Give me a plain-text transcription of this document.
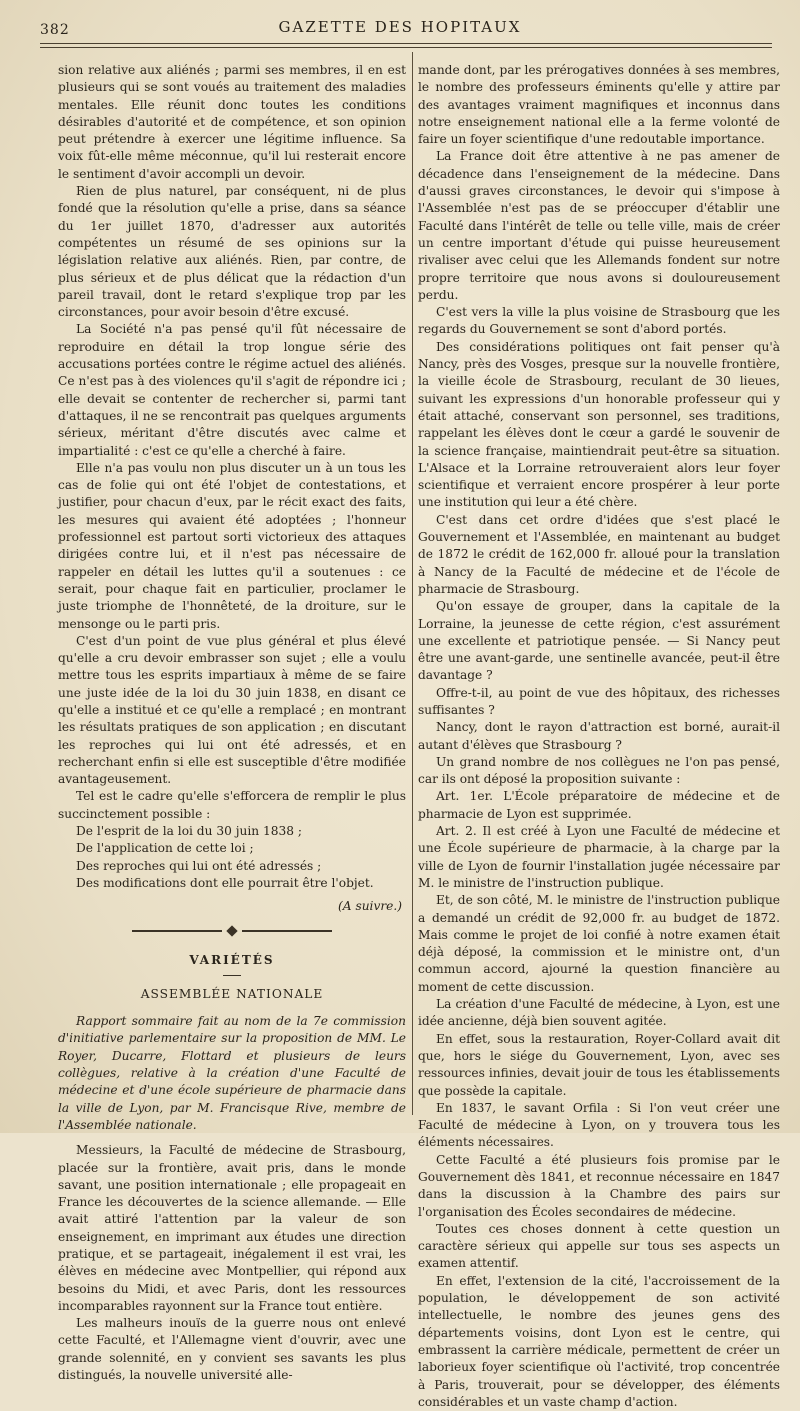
382	GAZETTE DES HOPITAUX

sion relative aux aliénés ; parmi ses membres, il en est plusieurs qui se sont voués au traitement des maladies mentales. Elle réunit donc toutes les conditions désirables d'autorité et de compétence, et son opinion peut prétendre à exercer une légitime influence. Sa voix fût-elle même méconnue, qu'il lui resterait encore le sentiment d'avoir accompli un devoir.

Rien de plus naturel, par conséquent, ni de plus fondé que la résolution qu'elle a prise, dans sa séance du 1er juillet 1870, d'adresser aux autorités compétentes un résumé de ses opinions sur la législation relative aux aliénés. Rien, par contre, de plus sérieux et de plus délicat que la rédaction d'un pareil travail, dont le retard s'explique trop par les circonstances, pour avoir besoin d'être excusé.

La Société n'a pas pensé qu'il fût nécessaire de reproduire en détail la trop longue série des accusations portées contre le régime actuel des aliénés. Ce n'est pas à des violences qu'il s'agit de répondre ici ; elle devait se contenter de rechercher si, parmi tant d'attaques, il ne se rencontrait pas quelques arguments sérieux, méritant d'être discutés avec calme et impartialité : c'est ce qu'elle a cherché à faire.

Elle n'a pas voulu non plus discuter un à un tous les cas de folie qui ont été l'objet de contestations, et justifier, pour chacun d'eux, par le récit exact des faits, les mesures qui avaient été adoptées ; l'honneur professionnel est partout sorti victorieux des attaques dirigées contre lui, et il n'est pas nécessaire de rappeler en détail les luttes qu'il a soutenues : ce serait, pour chaque fait en particulier, proclamer le juste triomphe de l'honnêteté, de la droiture, sur le mensonge ou le parti pris.

C'est d'un point de vue plus général et plus élevé qu'elle a cru devoir embrasser son sujet ; elle a voulu mettre tous les esprits impartiaux à même de se faire une juste idée de la loi du 30 juin 1838, en disant ce qu'elle a institué et ce qu'elle a remplacé ; en montrant les résultats pratiques de son application ; en discutant les reproches qui lui ont été adressés, et en recherchant enfin si elle est susceptible d'être modifiée avantageusement.

Tel est le cadre qu'elle s'efforcera de remplir le plus succinctement possible :

De l'esprit de la loi du 30 juin 1838 ;

De l'application de cette loi ;

Des reproches qui lui ont été adressés ;

Des modifications dont elle pourrait être l'objet.

(A suivre.)

VARIÉTÉS
ASSEMBLÉE NATIONALE

Rapport sommaire fait au nom de la 7e commission d'initiative parlementaire sur la proposition de MM. Le Royer, Ducarre, Flottard et plusieurs de leurs collègues, relative à la création d'une Faculté de médecine et d'une école supérieure de pharmacie dans la ville de Lyon, par M. Francisque Rive, membre de l'Assemblée nationale.

Messieurs, la Faculté de médecine de Strasbourg, placée sur la frontière, avait pris, dans le monde savant, une position internationale ; elle propageait en France les découvertes de la science allemande. — Elle avait attiré l'attention par la valeur de son enseignement, en imprimant aux études une direction pratique, et se partageait, inégalement il est vrai, les élèves en médecine avec Montpellier, qui répond aux besoins du Midi, et avec Paris, dont les ressources incomparables rayonnent sur la France tout entière.

Les malheurs inouïs de la guerre nous ont enlevé cette Faculté, et l'Allemagne vient d'ouvrir, avec une grande solennité, en y convient ses savants les plus distingués, la nouvelle université alle-

mande dont, par les prérogatives données à ses membres, le nombre des professeurs éminents qu'elle y attire par des avantages vraiment magnifiques et inconnus dans notre enseignement national elle a la ferme volonté de faire un foyer scientifique d'une redoutable importance.

La France doit être attentive à ne pas amener de décadence dans l'enseignement de la médecine. Dans d'aussi graves circonstances, le devoir qui s'impose à l'Assemblée n'est pas de se préoccuper d'établir une Faculté dans l'intérêt de telle ou telle ville, mais de créer un centre important d'étude qui puisse heureusement rivaliser avec celui que les Allemands fondent sur notre propre territoire que nous avons si douloureusement perdu.

C'est vers la ville la plus voisine de Strasbourg que les regards du Gouvernement se sont d'abord portés.

Des considérations politiques ont fait penser qu'à Nancy, près des Vosges, presque sur la nouvelle frontière, la vieille école de Strasbourg, reculant de 30 lieues, suivant les expressions d'un honorable professeur qui y était attaché, conservant son personnel, ses traditions, rappelant les élèves dont le cœur a gardé le souvenir de la science française, maintiendrait peut-être sa situation. L'Alsace et la Lorraine retrouveraient alors leur foyer scientifique et verraient encore prospérer à leur porte une institution qui leur a été chère.

C'est dans cet ordre d'idées que s'est placé le Gouvernement et l'Assemblée, en maintenant au budget de 1872 le crédit de 162,000 fr. alloué pour la translation à Nancy de la Faculté de médecine et de l'école de pharmacie de Strasbourg.

Qu'on essaye de grouper, dans la capitale de la Lorraine, la jeunesse de cette région, c'est assurément une excellente et patriotique pensée. — Si Nancy peut être une avant-garde, une sentinelle avancée, peut-il être davantage ?

Offre-t-il, au point de vue des hôpitaux, des richesses suffisantes ?

Nancy, dont le rayon d'attraction est borné, aurait-il autant d'élèves que Strasbourg ?

Un grand nombre de nos collègues ne l'on pas pensé, car ils ont déposé la proposition suivante :

Art. 1er. L'École préparatoire de médecine et de pharmacie de Lyon est supprimée.

Art. 2. Il est créé à Lyon une Faculté de médecine et une École supérieure de pharmacie, à la charge par la ville de Lyon de fournir l'installation jugée nécessaire par M. le ministre de l'instruction publique.

Et, de son côté, M. le ministre de l'instruction publique a demandé un crédit de 92,000 fr. au budget de 1872. Mais comme le projet de loi confié à notre examen était déjà déposé, la commission et le ministre ont, d'un commun accord, ajourné la question financière au moment de cette discussion.

La création d'une Faculté de médecine, à Lyon, est une idée ancienne, déjà bien souvent agitée.

En effet, sous la restauration, Royer-Collard avait dit que, hors le siége du Gouvernement, Lyon, avec ses ressources infinies, devait jouir de tous les établissements que possède la capitale.

En 1837, le savant Orfila : Si l'on veut créer une Faculté de médecine à Lyon, on y trouvera tous les éléments nécessaires.

Cette Faculté a été plusieurs fois promise par le Gouvernement dès 1841, et reconnue nécessaire en 1847 dans la discussion à la Chambre des pairs sur l'organisation des Écoles secondaires de médecine.

Toutes ces choses donnent à cette question un caractère sérieux qui appelle sur tous ses aspects un examen attentif.

En effet, l'extension de la cité, l'accroissement de la population, le développement de son activité intellectuelle, le nombre des jeunes gens des départements voisins, dont Lyon est le centre, qui embrassent la carrière médicale, permettent de créer un laborieux foyer scientifique où l'activité, trop concentrée à Paris, trouverait, pour se développer, des éléments considérables et un vaste champ d'action.
